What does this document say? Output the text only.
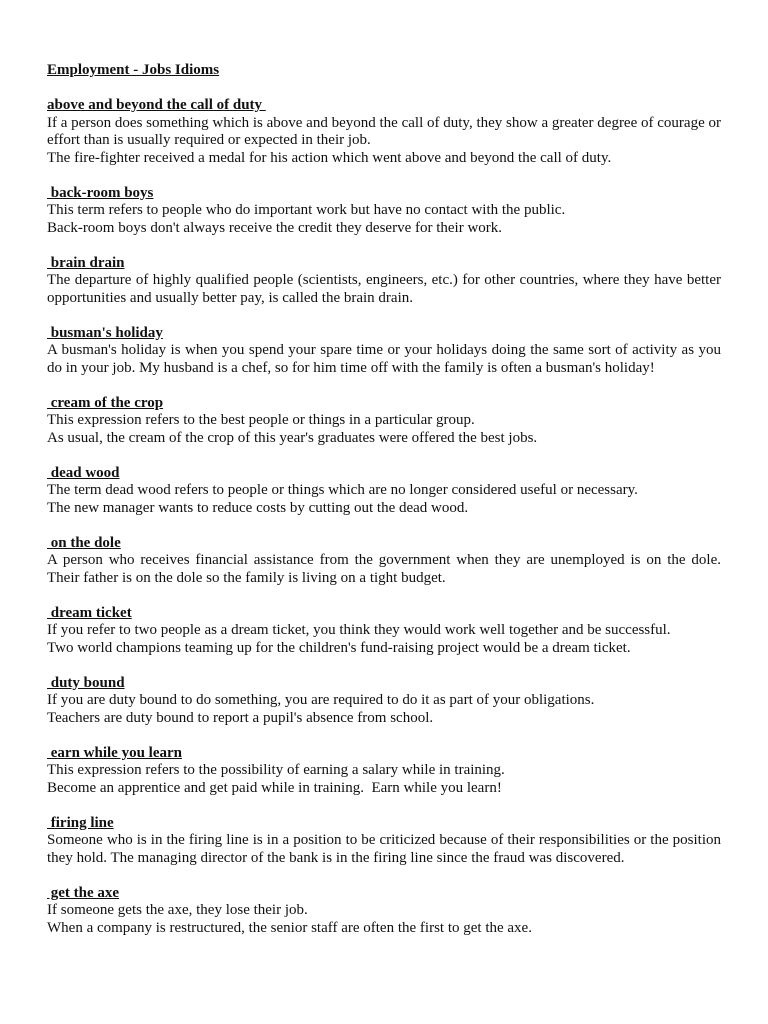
Employment - Jobs Idioms
above and beyond the call of duty
If a person does something which is above and beyond the call of duty, they show a greater degree of courage or effort than is usually required or expected in their job.
The fire-fighter received a medal for his action which went above and beyond the call of duty.
back-room boys
This term refers to people who do important work but have no contact with the public.
Back-room boys don't always receive the credit they deserve for their work.
brain drain
The departure of highly qualified people (scientists, engineers, etc.) for other countries, where they have better opportunities and usually better pay, is called the brain drain.
busman's holiday
A busman's holiday is when you spend your spare time or your holidays doing the same sort of activity as you do in your job. My husband is a chef, so for him time off with the family is often a busman's holiday!
cream of the crop
This expression refers to the best people or things in a particular group.
As usual, the cream of the crop of this year's graduates were offered the best jobs.
dead wood
The term dead wood refers to people or things which are no longer considered useful or necessary.
The new manager wants to reduce costs by cutting out the dead wood.
on the dole
A person who receives financial assistance from the government when they are unemployed is on the dole. Their father is on the dole so the family is living on a tight budget.
dream ticket
If you refer to two people as a dream ticket, you think they would work well together and be successful.
Two world champions teaming up for the children's fund-raising project would be a dream ticket.
duty bound
If you are duty bound to do something, you are required to do it as part of your obligations.
Teachers are duty bound to report a pupil's absence from school.
earn while you learn
This expression refers to the possibility of earning a salary while in training.
Become an apprentice and get paid while in training.  Earn while you learn!
firing line
Someone who is in the firing line is in a position to be criticized because of their responsibilities or the position they hold. The managing director of the bank is in the firing line since the fraud was discovered.
get the axe
If someone gets the axe, they lose their job.
When a company is restructured, the senior staff are often the first to get the axe.
